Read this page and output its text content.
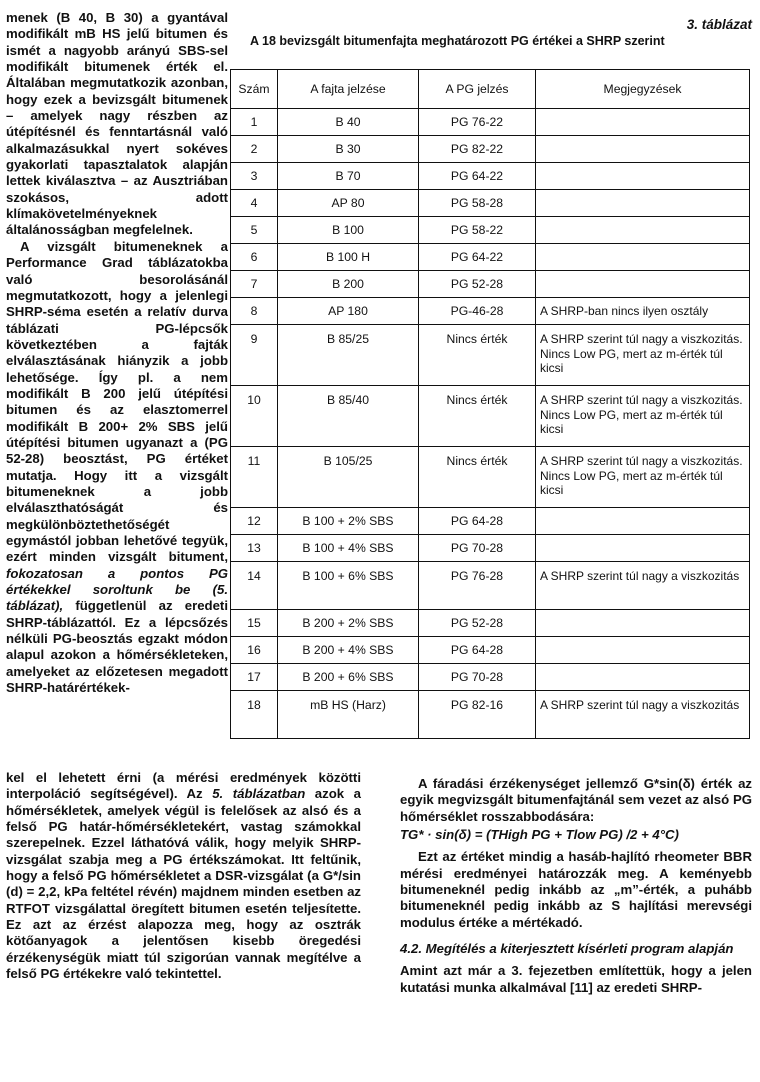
menek (B 40, B 30) a gyantával modifikált mB HS jelű bitumen és ismét a nagyobb arányú SBS-sel modifikált bitumenek érték el. Általában megmutatkozik azonban, hogy ezek a bevizsgált bitumenek – amelyek nagy részben az útépítésnél és fenntartásnál való alkalmazásukkal nyert sokéves gyakorlati tapasztalatok alapján lettek kiválasztva – az Ausztriában szokásos, adott klímakövetelményeknek általánosságban megfelelnek.

A vizsgált bitumeneknek a Performance Grad táblázatokba való besorolásánál megmutatkozott, hogy a jelenlegi SHRP-séma esetén a relatív durva táblázati PG-lépcsők következtében a fajták elválasztásának hiányzik a jobb lehetősége. Így pl. a nem modifikált B 200 jelű útépítési bitumen és az elasztomerrel modifikált B 200+ 2% SBS jelű útépítési bitumen ugyanazt a (PG 52-28) beosztást, PG értéket mutatja. Hogy itt a vizsgált bitumeneknek a jobb elválaszthatóságát és megkülönböztethetőségét egymástól jobban lehetővé tegyük, ezért minden vizsgált bitument, fokozatosan a pontos PG értékekkel soroltunk be (5. táblázat), függetlenül az eredeti SHRP-táblázattól. Ez a lépcsőzés nélküli PG-beosztás egzakt módon alapul azokon a hőmérsékleteken, amelyeket az előzetesen megadott SHRP-határértékek-

kel el lehetett érni (a mérési eredmények közötti interpoláció segítségével). Az 5. táblázatban azok a hőmérsékletek, amelyek végül is felelősek az alsó és a felső PG határ-hőmérsékletekért, vastag számokkal szerepelnek. Ezzel láthatóvá válik, hogy melyik SHRP-vizsgálat szabja meg a PG értékszámokat. Itt feltűnik, hogy a felső PG hőmérsékletet a DSR-vizsgálat (a G*/sin (d) = 2,2, kPa feltétel révén) majdnem minden esetben az RTFOT vizsgálattal öregített bitumen esetén teljesítette. Ez azt az érzést alapozza meg, hogy az osztrák kötőanyagok a jelentősen kisebb öregedési érzékenységük miatt túl szigorúan vannak megítélve a felső PG értékekre való tekintettel.

3. táblázat
A 18 bevizsgált bitumenfajta meghatározott PG értékei a SHRP szerint
Szám	A fajta jelzése	A PG jelzés	Megjegyzések
1	B 40	PG 76-22	
2	B 30	PG 82-22	
3	B 70	PG 64-22	
4	AP 80	PG 58-28	
5	B 100	PG 58-22	
6	B 100 H	PG 64-22	
7	B 200	PG 52-28	
8	AP 180	PG-46-28	A SHRP-ban nincs ilyen osztály
9	B 85/25	Nincs érték	A SHRP szerint túl nagy a viszkozitás. Nincs Low PG, mert az m-érték túl kicsi
10	B 85/40	Nincs érték	A SHRP szerint túl nagy a viszkozitás. Nincs Low PG, mert az m-érték túl kicsi
11	B 105/25	Nincs érték	A SHRP szerint túl nagy a viszkozitás. Nincs Low PG, mert az m-érték túl kicsi
12	B 100 + 2% SBS	PG 64-28	
13	B 100 + 4% SBS	PG 70-28	
14	B 100 + 6% SBS	PG 76-28	A SHRP szerint túl nagy a viszkozitás
15	B 200 + 2% SBS	PG 52-28	
16	B 200 + 4% SBS	PG 64-28	
17	B 200 + 6% SBS	PG 70-28	
18	mB HS (Harz)	PG 82-16	A SHRP szerint túl nagy a viszkozitás

A fáradási érzékenységet jellemző G*sin(δ) érték az egyik megvizsgált bitumenfajtánál sem vezet az alsó PG hőmérséklet rosszabbodására:

TG* · sin(δ) = (THigh PG + Tlow PG) /2 + 4°C)

Ezt az értéket mindig a hasáb-hajlító rheometer BBR mérési eredményei határozzák meg. A keményebb bitumeneknél pedig inkább az „m”-érték, a puhább bitumeneknél pedig inkább az S hajlítási merevségi modulus értéke a mértékadó.

4.2. Megítélés a kiterjesztett kísérleti program alapján

Amint azt már a 3. fejezetben említettük, hogy a jelen kutatási munka alkalmával [11] az eredeti SHRP-
